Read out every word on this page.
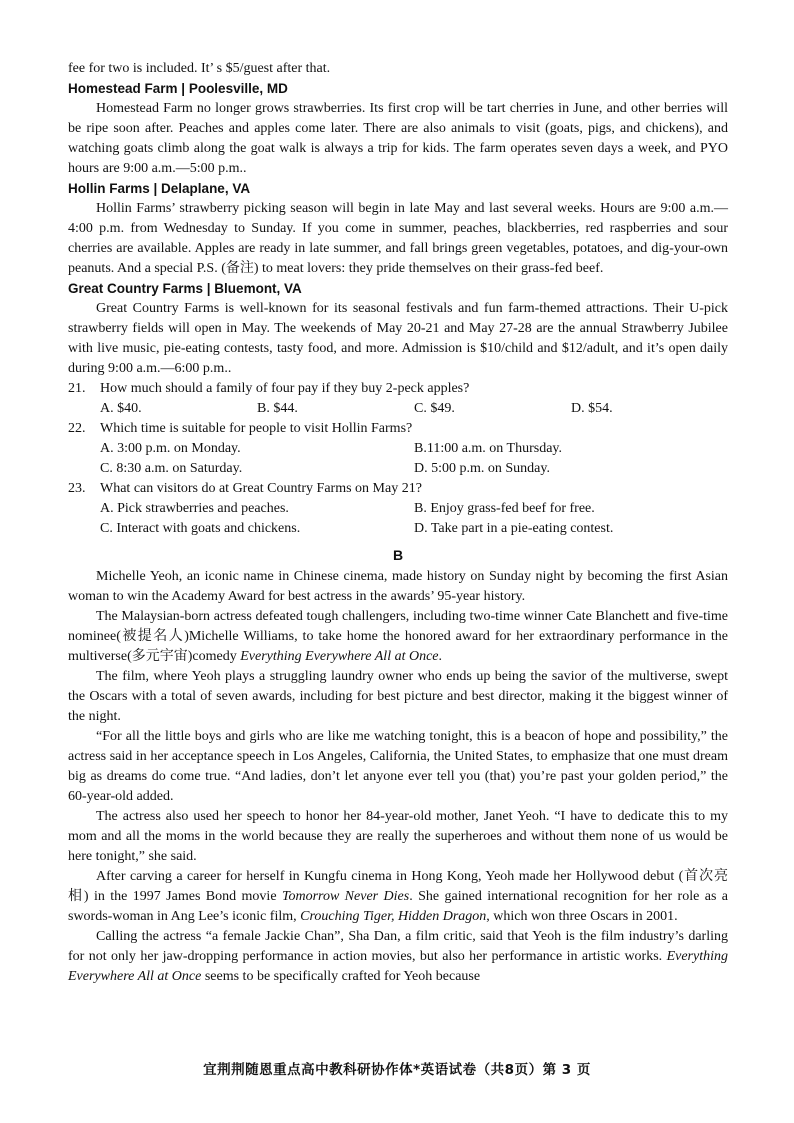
fee for two is included. It’ s $5/guest after that.

Homestead Farm | Poolesville, MD

Homestead Farm no longer grows strawberries. Its first crop will be tart cherries in June, and other berries will be ripe soon after. Peaches and apples come later. There are also animals to visit (goats, pigs, and chickens), and watching goats climb along the goat walk is always a trip for kids. The farm operates seven days a week, and PYO hours are 9:00 a.m.—5:00 p.m..

Hollin Farms | Delaplane, VA

Hollin Farms’ strawberry picking season will begin in late May and last several weeks. Hours are 9:00 a.m.—4:00 p.m. from Wednesday to Sunday. If you come in summer, peaches, blackberries, red raspberries and sour cherries are available. Apples are ready in late summer, and fall brings green vegetables, potatoes, and dig-your-own peanuts. And a special P.S. (备注) to meat lovers: they pride themselves on their grass-fed beef.

Great Country Farms | Bluemont, VA

Great Country Farms is well-known for its seasonal festivals and fun farm-themed attractions. Their U-pick strawberry fields will open in May. The weekends of May 20-21 and May 27-28 are the annual Strawberry Jubilee with live music, pie-eating contests, tasty food, and more. Admission is $10/child and $12/adult, and it’s open daily during 9:00 a.m.—6:00 p.m..

21. How much should a family of four pay if they buy 2-peck apples?

A. $40.	B. $44.	C. $49.	D. $54.

22. Which time is suitable for people to visit Hollin Farms?

A. 3:00 p.m. on Monday.	B.11:00 a.m. on Thursday.
C. 8:30 a.m. on Saturday.	D. 5:00 p.m. on Sunday.

23. What can visitors do at Great Country Farms on May 21?

A. Pick strawberries and peaches.	B. Enjoy grass-fed beef for free.
C. Interact with goats and chickens.	D. Take part in a pie-eating contest.

B

Michelle Yeoh, an iconic name in Chinese cinema, made history on Sunday night by becoming the first Asian woman to win the Academy Award for best actress in the awards’ 95-year history.

The Malaysian-born actress defeated tough challengers, including two-time winner Cate Blanchett and five-time nominee(被提名人)Michelle Williams, to take home the honored award for her extraordinary performance in the multiverse(多元宇宙)comedy Everything Everywhere All at Once.

The film, where Yeoh plays a struggling laundry owner who ends up being the savior of the multiverse, swept the Oscars with a total of seven awards, including for best picture and best director, making it the biggest winner of the night.

“For all the little boys and girls who are like me watching tonight, this is a beacon of hope and possibility,” the actress said in her acceptance speech in Los Angeles, California, the United States, to emphasize that one must dream big as dreams do come true. “And ladies, don’t let anyone ever tell you (that) you’re past your golden period,” the 60-year-old added.

The actress also used her speech to honor her 84-year-old mother, Janet Yeoh. “I have to dedicate this to my mom and all the moms in the world because they are really the superheroes and without them none of us would be here tonight,” she said.

After carving a career for herself in Kungfu cinema in Hong Kong, Yeoh made her Hollywood debut (首次亮相) in the 1997 James Bond movie Tomorrow Never Dies. She gained international recognition for her role as a swords-woman in Ang Lee’s iconic film, Crouching Tiger, Hidden Dragon, which won three Oscars in 2001.

Calling the actress “a female Jackie Chan”, Sha Dan, a film critic, said that Yeoh is the film industry’s darling for not only her jaw-dropping performance in action movies, but also her performance in artistic works. Everything Everywhere All at Once seems to be specifically crafted for Yeoh because

宜荆荆随恩重点高中教科研协作体*英语试卷（共8页）第 3 页
